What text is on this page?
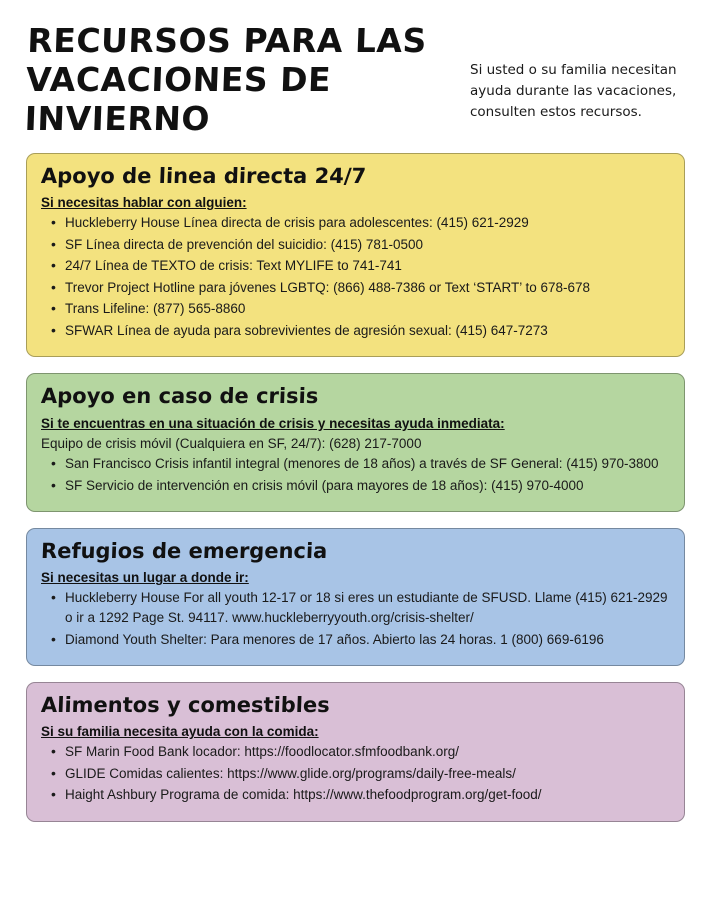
RECURSOS PARA LAS VACACIONES DE INVIERNO
Si usted o su familia necesitan ayuda durante las vacaciones, consulten estos recursos.
Apoyo de linea directa 24/7

Si necesitas hablar con alguien:

• Huckleberry House Línea directa de crisis para adolescentes: (415) 621-2929
• SF Línea directa de prevención del suicidio: (415) 781-0500
• 24/7 Línea de TEXTO de crisis: Text MYLIFE to 741-741
• Trevor Project Hotline para jóvenes LGBTQ: (866) 488-7386 or Text ‘START’ to 678-678
• Trans Lifeline: (877) 565-8860
• SFWAR Línea de ayuda para sobrevivientes de agresión sexual: (415) 647-7273
Apoyo en caso de crisis

Si te encuentras en una situación de crisis y necesitas ayuda inmediata:

Equipo de crisis móvil (Cualquiera en SF, 24/7): (628) 217-7000

• San Francisco Crisis infantil integral (menores de 18 años) a través de SF General: (415) 970-3800
• SF Servicio de intervención en crisis móvil (para mayores de 18 años): (415) 970-4000
Refugios de emergencia

Si necesitas un lugar a donde ir:

• Huckleberry House For all youth 12-17 or 18 si eres un estudiante de SFUSD. Llame (415) 621-2929 o ir a 1292 Page St. 94117. www.huckleberryyouth.org/crisis-shelter/
• Diamond Youth Shelter: Para menores de 17 años. Abierto las 24 horas. 1 (800) 669-6196
Alimentos y comestibles

Si su familia necesita ayuda con la comida:

• SF Marin Food Bank locador: https://foodlocator.sfmfoodbank.org/
• GLIDE Comidas calientes: https://www.glide.org/programs/daily-free-meals/
• Haight Ashbury Programa de comida: https://www.thefoodprogram.org/get-food/
